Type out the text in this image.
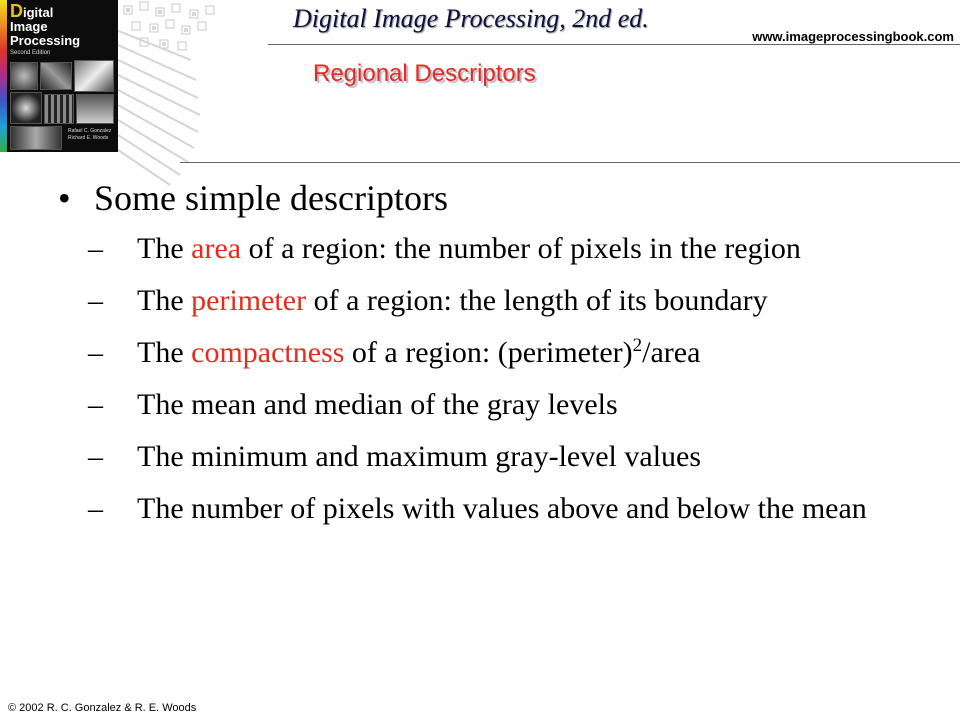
Digital
Image
Processing
Second Edition
Rafael C. Gonzalez
Richard E. Woods
Digital Image Processing, 2nd ed.
www.imageprocessingbook.com
Regional Descriptors
• Some simple descriptors
–	The area of a region: the number of pixels in the region
–	The perimeter of a region: the length of its boundary
–	The compactness of a region: (perimeter)$^2$/area
–	The mean and median of the gray levels
–	The minimum and maximum gray-level values
–	The number of pixels with values above and below the mean
© 2002 R. C. Gonzalez & R. E. Woods
